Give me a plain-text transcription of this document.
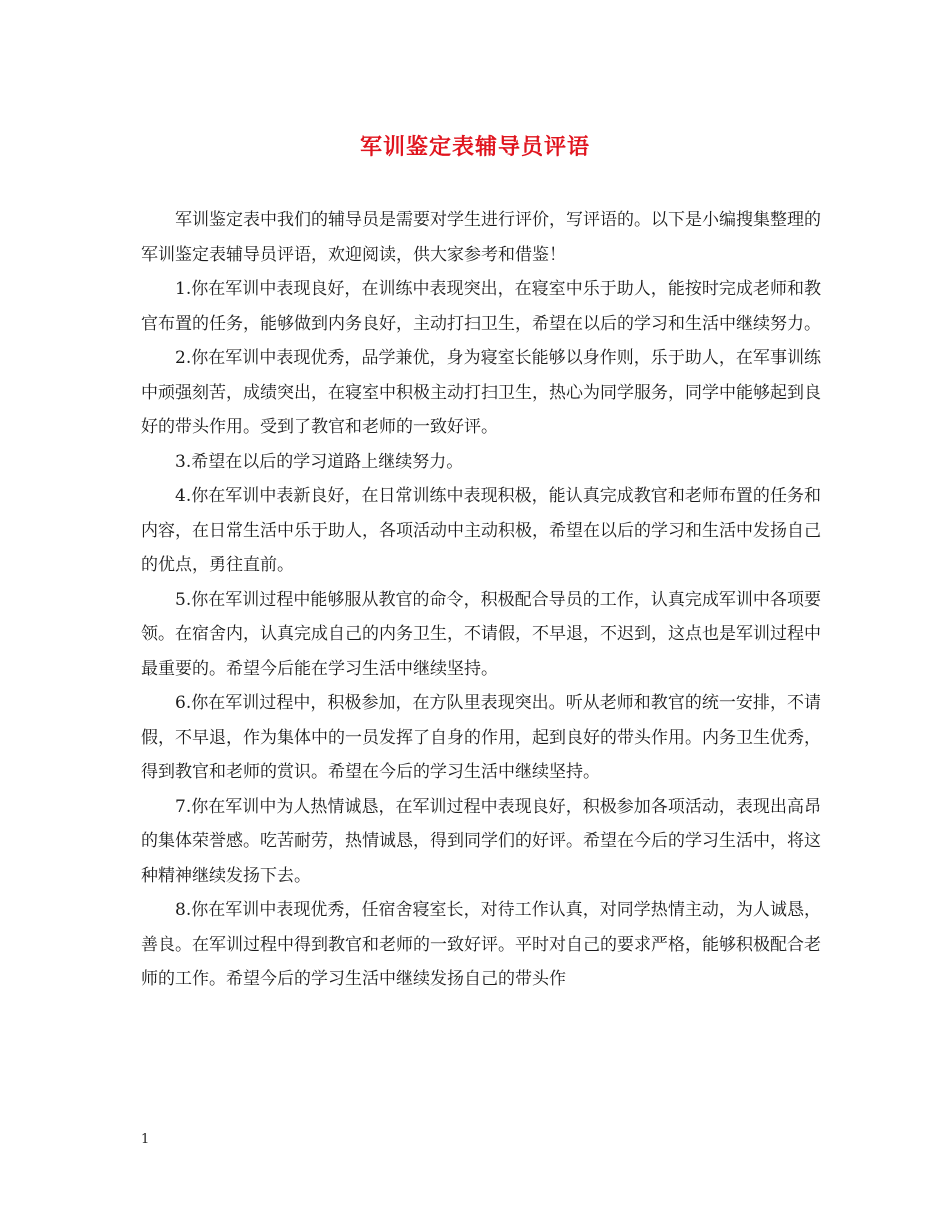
军训鉴定表辅导员评语

军训鉴定表中我们的辅导员是需要对学生进行评价，写评语的。以下是小编搜集整理的军训鉴定表辅导员评语，欢迎阅读，供大家参考和借鉴！

1.你在军训中表现良好，在训练中表现突出，在寝室中乐于助人，能按时完成老师和教官布置的任务，能够做到内务良好，主动打扫卫生，希望在以后的学习和生活中继续努力。

2.你在军训中表现优秀，品学兼优，身为寝室长能够以身作则，乐于助人，在军事训练中顽强刻苦，成绩突出，在寝室中积极主动打扫卫生，热心为同学服务，同学中能够起到良好的带头作用。受到了教官和老师的一致好评。

3.希望在以后的学习道路上继续努力。

4.你在军训中表新良好，在日常训练中表现积极，能认真完成教官和老师布置的任务和内容，在日常生活中乐于助人，各项活动中主动积极，希望在以后的学习和生活中发扬自己的优点，勇往直前。

5.你在军训过程中能够服从教官的命令，积极配合导员的工作，认真完成军训中各项要领。在宿舍内，认真完成自己的内务卫生，不请假，不早退，不迟到，这点也是军训过程中最重要的。希望今后能在学习生活中继续坚持。

6.你在军训过程中，积极参加，在方队里表现突出。听从老师和教官的统一安排，不请假，不早退，作为集体中的一员发挥了自身的作用，起到良好的带头作用。内务卫生优秀，得到教官和老师的赏识。希望在今后的学习生活中继续坚持。

7.你在军训中为人热情诚恳，在军训过程中表现良好，积极参加各项活动，表现出高昂的集体荣誉感。吃苦耐劳，热情诚恳，得到同学们的好评。希望在今后的学习生活中，将这种精神继续发扬下去。

8.你在军训中表现优秀，任宿舍寝室长，对待工作认真，对同学热情主动，为人诚恳，善良。在军训过程中得到教官和老师的一致好评。平时对自己的要求严格，能够积极配合老师的工作。希望今后的学习生活中继续发扬自己的带头作

1
